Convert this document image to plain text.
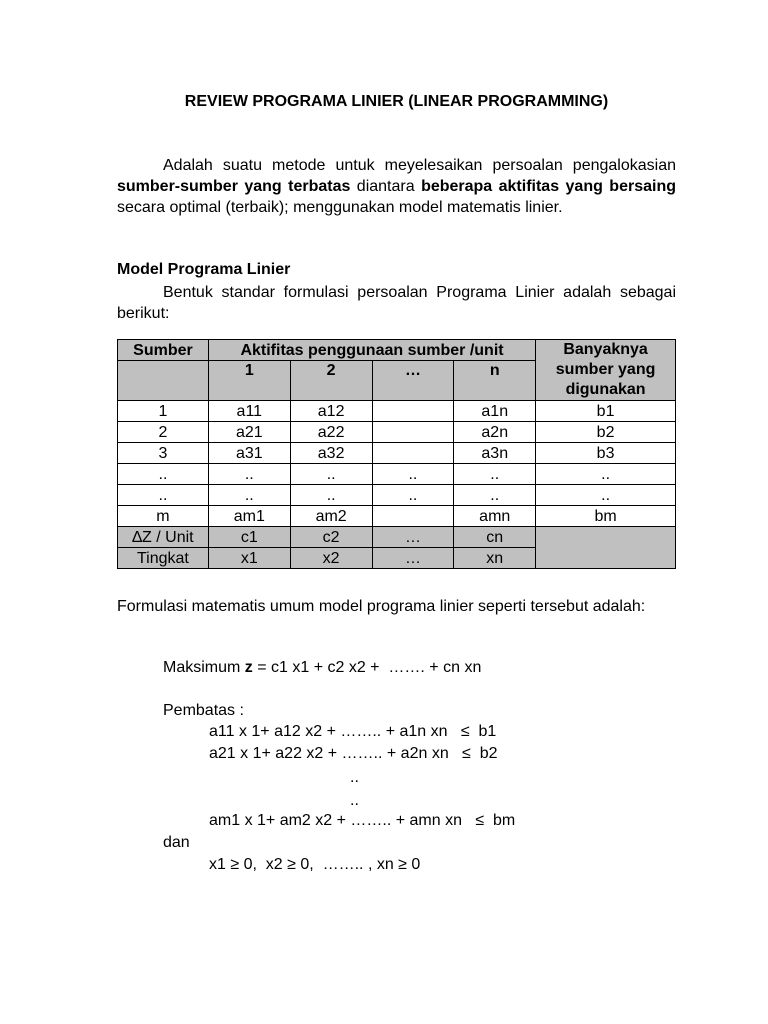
REVIEW PROGRAMA LINIER (LINEAR PROGRAMMING)
Adalah suatu metode untuk meyelesaikan persoalan pengalokasian sumber-sumber yang terbatas diantara beberapa aktifitas yang bersaing secara optimal (terbaik); menggunakan model matematis linier.
Model Programa Linier
Bentuk standar formulasi persoalan Programa Linier adalah sebagai berikut:
Sumber	Aktifitas penggunaan sumber /unit				Banyaknya sumber yang digunakan
	1	2	…	n	

1	a11	a12		a1n	b1
2	a21	a22		a2n	b2
3	a31	a32		a3n	b3
..	..	..	..	..	..
..	..	..	..	..	..
m	am1	am2		amn	bm
∆Z / Unit	c1	c2	…	cn	
Tingkat	x1	x2	…	xn	
Formulasi matematis umum model programa linier seperti tersebut adalah:
Maksimum z = c1 x1 + c2 x2 +  ……. + cn xn
Pembatas :
a11 x 1+ a12 x2 + …….. + a1n xn   ≤  b1
a21 x 1+ a22 x2 + …….. + a2n xn   ≤  b2
..
..
am1 x 1+ am2 x2 + …….. + amn xn   ≤  bm
dan
x1 ≥ 0,  x2 ≥ 0,  …….. , xn ≥ 0
